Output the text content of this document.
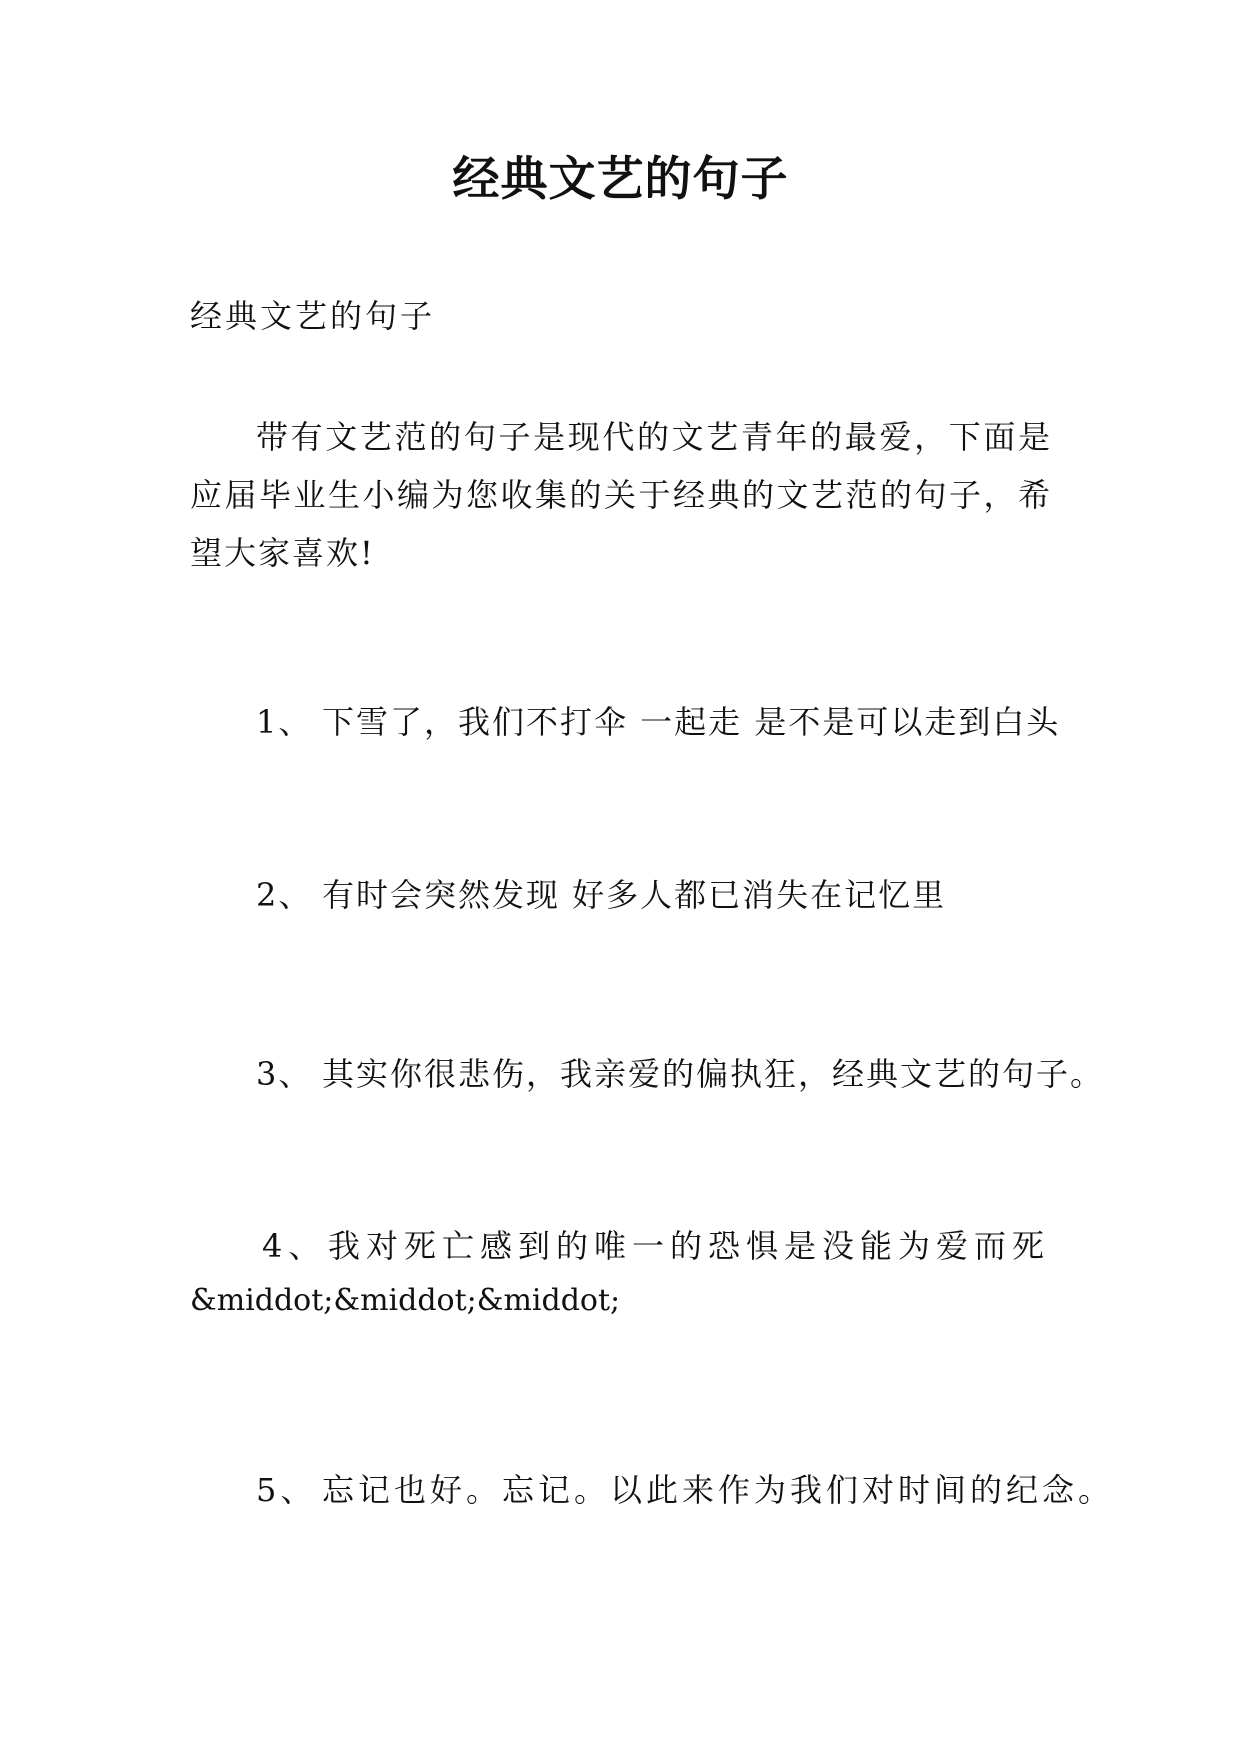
经典文艺的句子

经典文艺的句子

带有文艺范的句子是现代的文艺青年的最爱，下面是应届毕业生小编为您收集的关于经典的文艺范的句子，希望大家喜欢!

1、 下雪了，我们不打伞 一起走 是不是可以走到白头

2、 有时会突然发现 好多人都已消失在记忆里

3、 其实你很悲伤，我亲爱的偏执狂，经典文艺的句子。

4、我对死亡感到的唯一的恐惧是没能为爱而死

&middot;&middot;&middot;

5、 忘记也好。忘记。以此来作为我们对时间的纪念。
